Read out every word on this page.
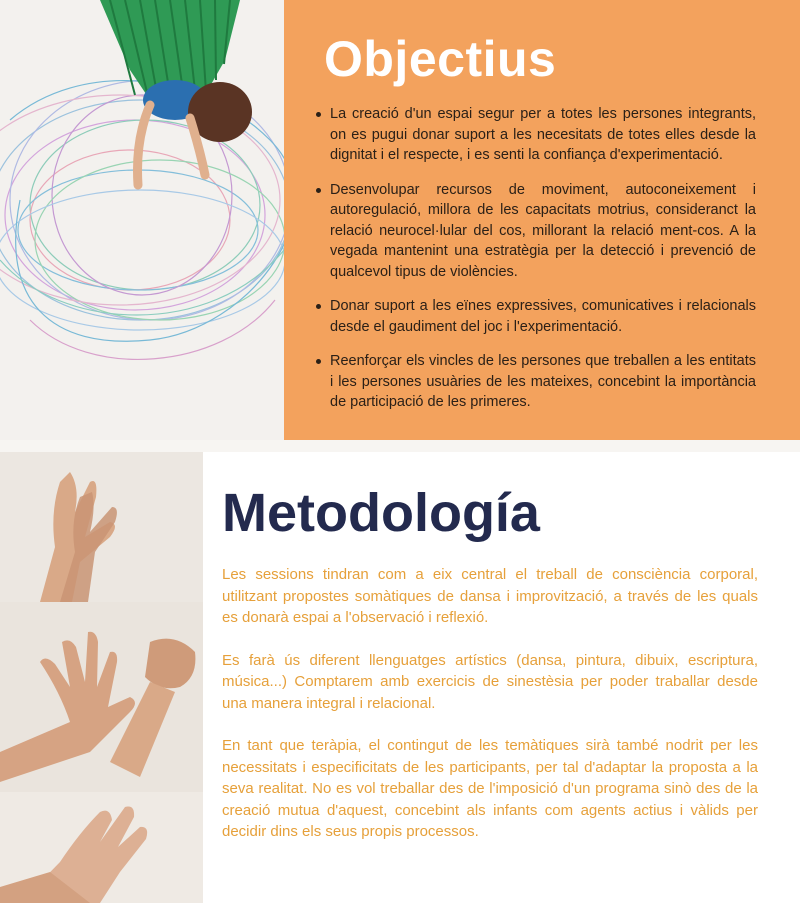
Objectius
La creació d'un espai segur per a totes les persones integrants, on es pugui donar suport a les necesitats de totes elles desde la dignitat i el respecte, i es senti la confiança d'experimentació.
Desenvolupar recursos de moviment, autoconeixement i autoregulació, millora de les capacitats motrius, consideranct la relació neurocel·lular del cos, millorant la relació ment-cos. A la vegada mantenint una estratègia per la detecció i prevenció de qualcevol tipus de violències.
Donar suport a les eïnes expressives, comunicatives i relacionals desde el gaudiment del joc i l'experimentació.
Reenforçar els vincles de les persones que treballen a les entitats i les persones usuàries de les mateixes, concebint la importància de participació de les primeres.
Metodología

Les sessions tindran com a eix central el treball de consciència corporal, utilitzant propostes somàtiques de dansa i improvització, a través de les quals es donarà espai a l'observació i reflexió.

Es farà ús diferent llenguatges artístics (dansa, pintura, dibuix, escriptura, música...) Comptarem amb exercicis de sinestèsia per poder traballar desde una manera integral i relacional.

En tant que teràpia, el contingut de les temàtiques sirà també nodrit per les necessitats i especificitats de les participants, per tal d'adaptar la proposta a la seva realitat. No es vol treballar des de l'imposició d'un programa sinò des de la creació mutua d'aquest, concebint als infants com agents actius i vàlids per decidir dins els seus propis processos.
